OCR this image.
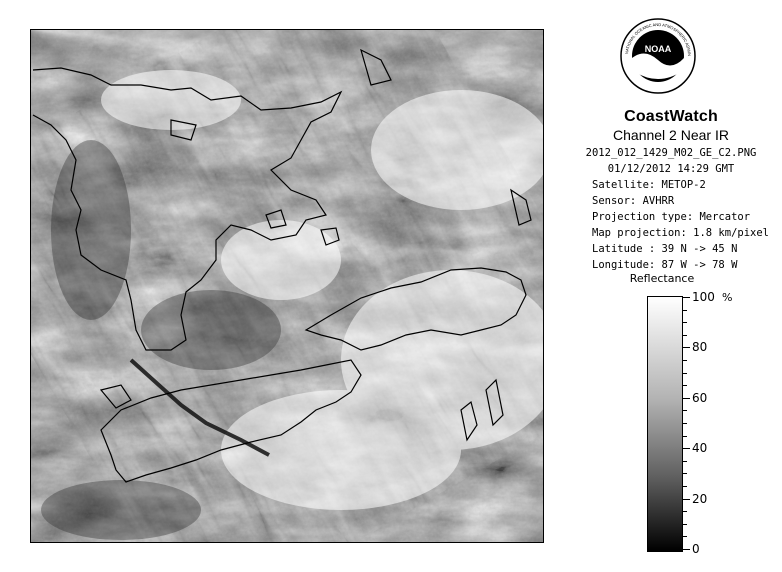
NOAA
NATIONAL OCEANIC AND ATMOSPHERIC ADMIN
CoastWatch
Channel 2 Near IR
2012_012_1429_M02_GE_C2.PNG
01/12/2012 14:29 GMT
Satellite: METOP-2
Sensor: AVHRR
Projection type: Mercator
Map projection: 1.8 km/pixel
Latitude : 39 N -> 45 N
Longitude: 87 W -> 78 W
Reflectance
%
100
80
60
40
20
0
